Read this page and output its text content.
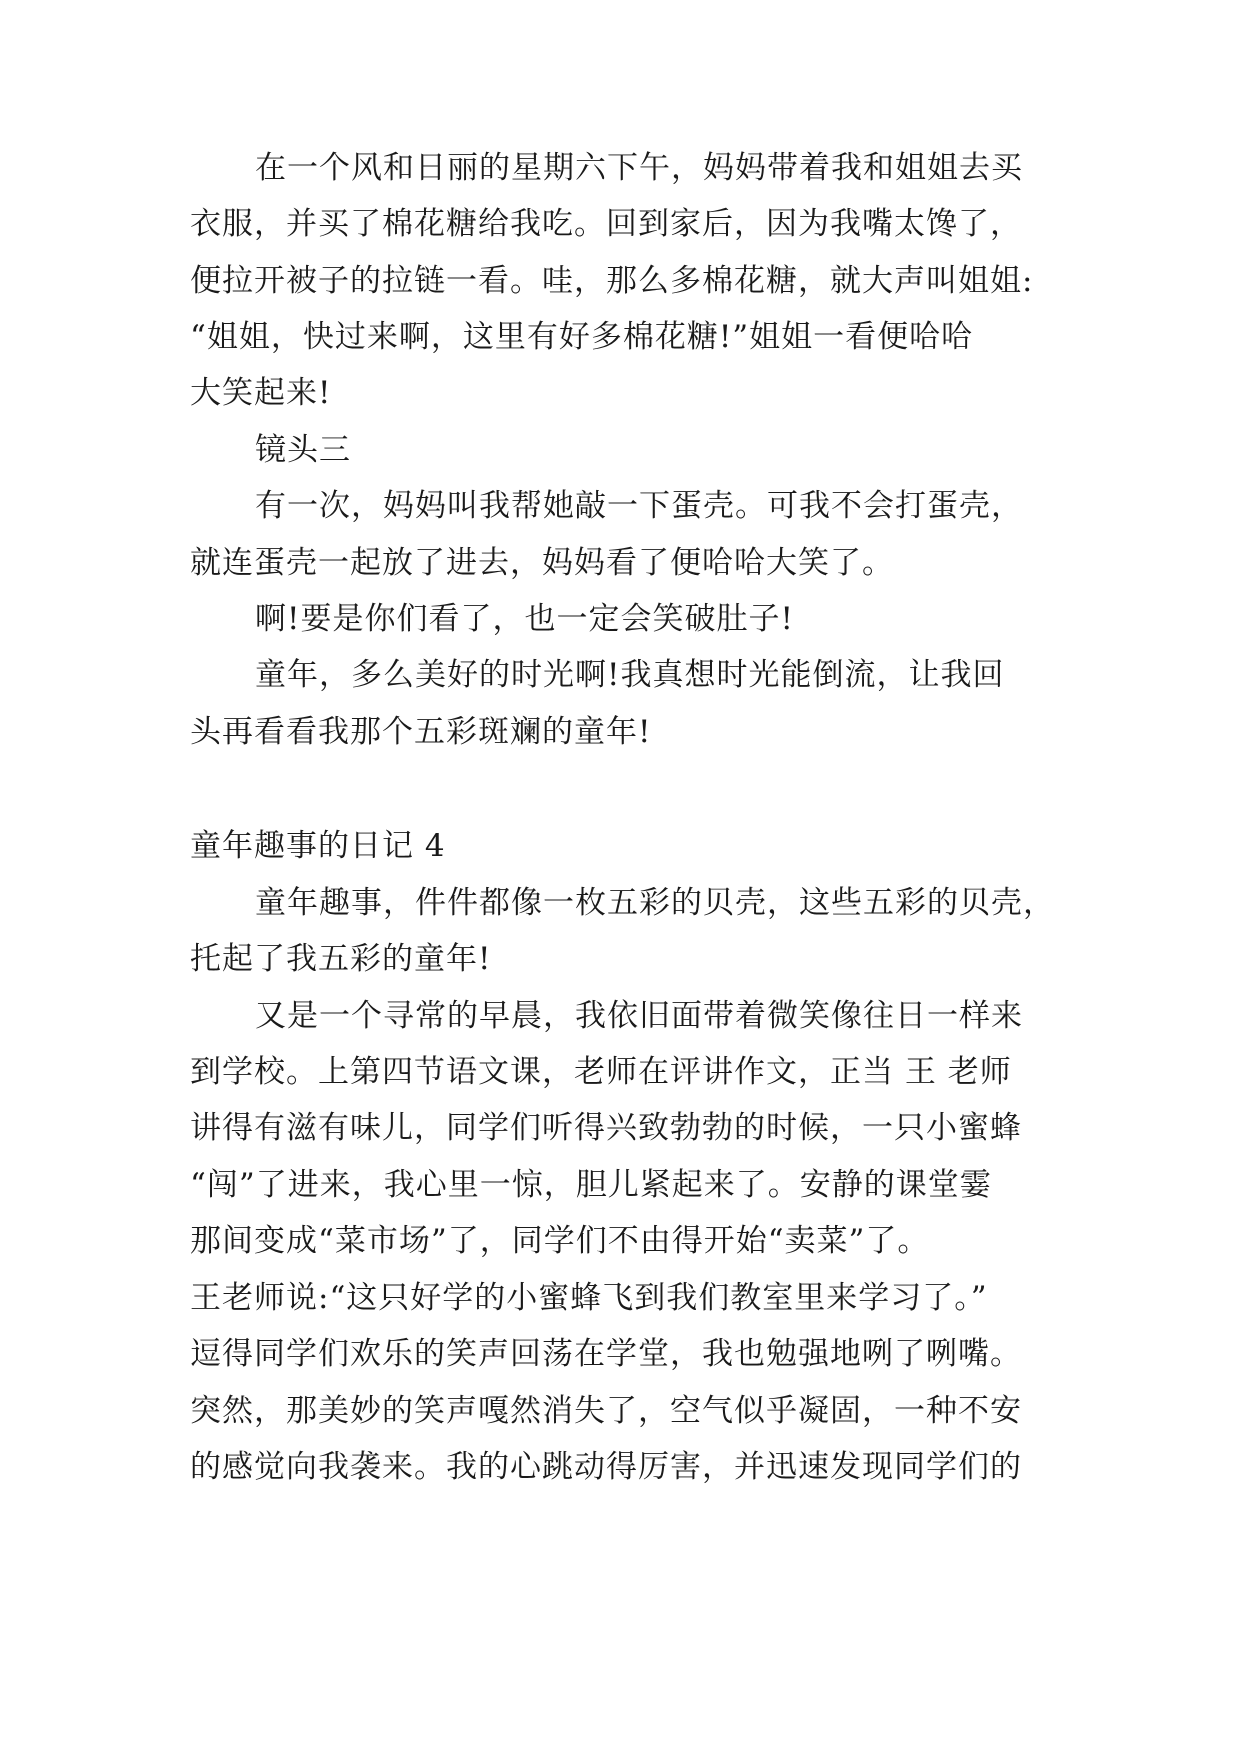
在一个风和日丽的星期六下午，妈妈带着我和姐姐去买
衣服，并买了棉花糖给我吃。回到家后，因为我嘴太馋了，
便拉开被子的拉链一看。哇，那么多棉花糖，就大声叫姐姐:
“姐姐，快过来啊，这里有好多棉花糖!”姐姐一看便哈哈
大笑起来!
镜头三
有一次，妈妈叫我帮她敲一下蛋壳。可我不会打蛋壳，
就连蛋壳一起放了进去，妈妈看了便哈哈大笑了。
啊!要是你们看了，也一定会笑破肚子!
童年，多么美好的时光啊!我真想时光能倒流，让我回
头再看看我那个五彩斑斓的童年!
童年趣事的日记 4
童年趣事，件件都像一枚五彩的贝壳，这些五彩的贝壳，
托起了我五彩的童年!
又是一个寻常的早晨，我依旧面带着微笑像往日一样来
到学校。上第四节语文课，老师在评讲作文，正当 王 老师
讲得有滋有味儿，同学们听得兴致勃勃的时候，一只小蜜蜂
“闯”了进来，我心里一惊，胆儿紧起来了。安静的课堂霎
那间变成“菜市场”了，同学们不由得开始“卖菜”了。
王老师说:“这只好学的小蜜蜂飞到我们教室里来学习了。”
逗得同学们欢乐的笑声回荡在学堂，我也勉强地咧了咧嘴。
突然，那美妙的笑声嘎然消失了，空气似乎凝固，一种不安
的感觉向我袭来。我的心跳动得厉害，并迅速发现同学们的
